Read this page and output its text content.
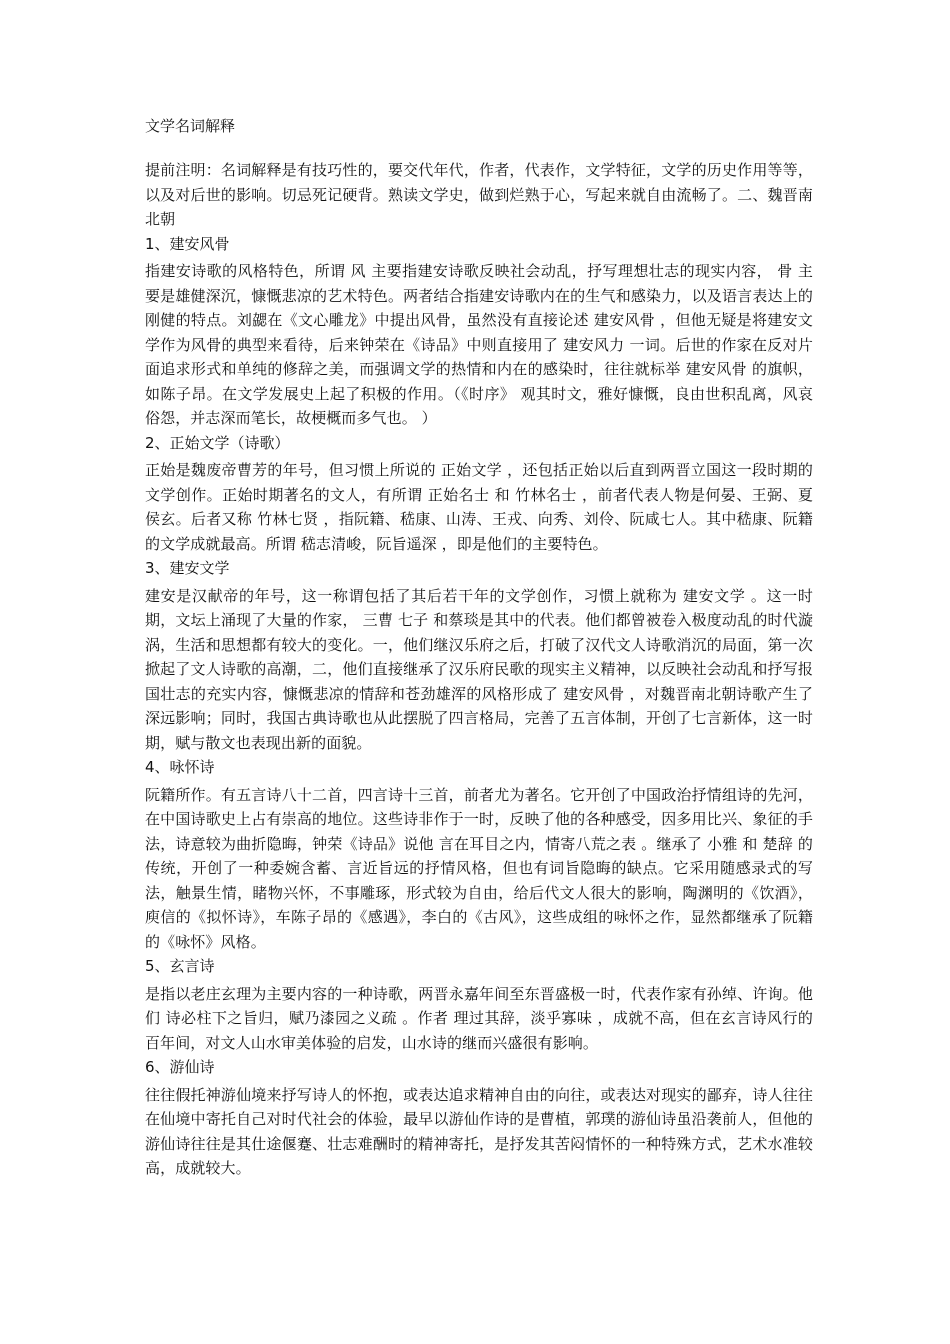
文学名词解释

提前注明：名词解释是有技巧性的，要交代年代，作者，代表作，文学特征，文学的历史作用等等，以及对后世的影响。切忌死记硬背。熟读文学史，做到烂熟于心，写起来就自由流畅了。二、魏晋南北朝

1、建安风骨

指建安诗歌的风格特色，所谓 风 主要指建安诗歌反映社会动乱，抒写理想壮志的现实内容， 骨 主要是雄健深沉，慷慨悲凉的艺术特色。两者结合指建安诗歌内在的生气和感染力，以及语言表达上的刚健的特点。刘勰在《文心雕龙》中提出风骨，虽然没有直接论述 建安风骨 ，但他无疑是将建安文学作为风骨的典型来看待，后来钟荣在《诗品》中则直接用了 建安风力 一词。后世的作家在反对片面追求形式和单纯的修辞之美，而强调文学的热情和内在的感染时，往往就标举 建安风骨 的旗帜，如陈子昂。在文学发展史上起了积极的作用。（《时序》 观其时文，雅好慷慨，良由世积乱离，风哀俗怨，并志深而笔长，故梗概而多气也。 ）

2、正始文学（诗歌）

正始是魏废帝曹芳的年号，但习惯上所说的 正始文学 ，还包括正始以后直到两晋立国这一段时期的文学创作。正始时期著名的文人，有所谓 正始名士 和 竹林名士 ，前者代表人物是何晏、王弼、夏侯玄。后者又称 竹林七贤 ，指阮籍、嵇康、山涛、王戎、向秀、刘伶、阮咸七人。其中嵇康、阮籍的文学成就最高。所谓 嵇志清峻，阮旨遥深 ，即是他们的主要特色。

3、建安文学

建安是汉献帝的年号，这一称谓包括了其后若干年的文学创作，习惯上就称为 建安文学 。这一时期，文坛上涌现了大量的作家， 三曹 七子 和蔡琰是其中的代表。他们都曾被卷入极度动乱的时代漩涡，生活和思想都有较大的变化。一，他们继汉乐府之后，打破了汉代文人诗歌消沉的局面，第一次掀起了文人诗歌的高潮，二，他们直接继承了汉乐府民歌的现实主义精神，以反映社会动乱和抒写报国壮志的充实内容，慷慨悲凉的情辞和苍劲雄浑的风格形成了 建安风骨 ，对魏晋南北朝诗歌产生了深远影响；同时，我国古典诗歌也从此摆脱了四言格局，完善了五言体制，开创了七言新体，这一时期，赋与散文也表现出新的面貌。

4、咏怀诗

阮籍所作。有五言诗八十二首，四言诗十三首，前者尤为著名。它开创了中国政治抒情组诗的先河，在中国诗歌史上占有崇高的地位。这些诗非作于一时，反映了他的各种感受，因多用比兴、象征的手法，诗意较为曲折隐晦，钟荣《诗品》说他 言在耳目之内，情寄八荒之表 。继承了 小雅 和 楚辞 的传统，开创了一种委婉含蓄、言近旨远的抒情风格，但也有词旨隐晦的缺点。它采用随感录式的写法，触景生情，睹物兴怀，不事雕琢，形式较为自由，给后代文人很大的影响，陶渊明的《饮酒》，庾信的《拟怀诗》，车陈子昂的《感遇》，李白的《古风》，这些成组的咏怀之作，显然都继承了阮籍的《咏怀》风格。

5、玄言诗

是指以老庄玄理为主要内容的一种诗歌，两晋永嘉年间至东晋盛极一时，代表作家有孙绰、许询。他们 诗必柱下之旨归，赋乃漆园之义疏 。作者 理过其辞，淡乎寡味 ，成就不高，但在玄言诗风行的百年间，对文人山水审美体验的启发，山水诗的继而兴盛很有影响。

6、游仙诗

往往假托神游仙境来抒写诗人的怀抱，或表达追求精神自由的向往，或表达对现实的鄙弃，诗人往往在仙境中寄托自己对时代社会的体验，最早以游仙作诗的是曹植，郭璞的游仙诗虽沿袭前人，但他的游仙诗往往是其仕途偃蹇、壮志难酬时的精神寄托，是抒发其苦闷情怀的一种特殊方式，艺术水准较高，成就较大。
